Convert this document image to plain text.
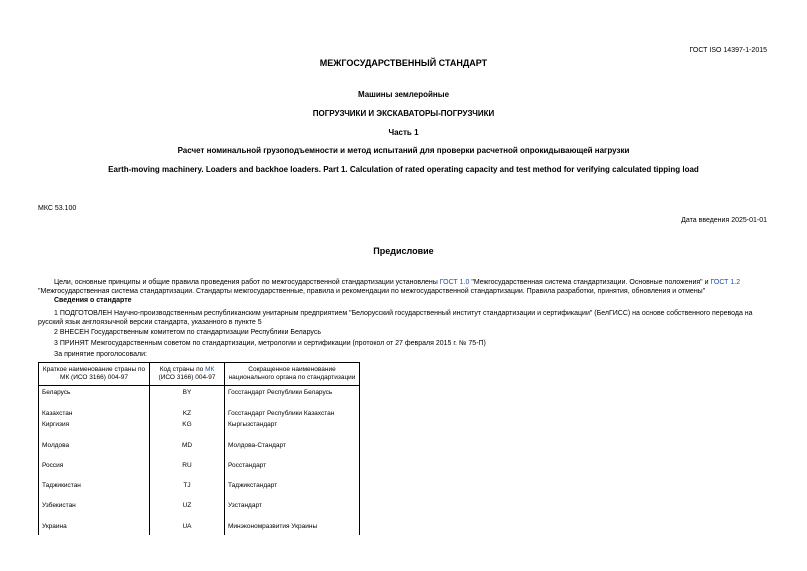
ГОСТ ISO 14397-1-2015
МЕЖГОСУДАРСТВЕННЫЙ СТАНДАРТ
Машины землеройные
ПОГРУЗЧИКИ И ЭКСКАВАТОРЫ-ПОГРУЗЧИКИ
Часть 1
Расчет номинальной грузоподъемности и метод испытаний для проверки расчетной опрокидывающей нагрузки
Earth-moving machinery. Loaders and backhoe loaders. Part 1. Calculation of rated operating capacity and test method for verifying calculated tipping load
МКС 53.100
Дата введения 2025-01-01
Предисловие
Цели, основные принципы и общие правила проведения работ по межгосударственной стандартизации установлены ГОСТ 1.0 "Межгосударственная система стандартизации. Основные положения" и ГОСТ 1.2 "Межгосударственная система стандартизации. Стандарты межгосударственные, правила и рекомендации по межгосударственной стандартизации. Правила разработки, принятия, обновления и отмены"
Сведения о стандарте
1 ПОДГОТОВЛЕН Научно-производственным республиканским унитарным предприятием "Белорусский государственный институт стандартизации и сертификации" (БелГИСС) на основе собственного перевода на русский язык англоязычной версии стандарта, указанного в пункте 5
2 ВНЕСЕН Государственным комитетом по стандартизации Республики Беларусь
3 ПРИНЯТ Межгосударственным советом по стандартизации, метрологии и сертификации (протокол от 27 февраля 2015 г. № 75-П)
За принятие проголосовали:
Краткое наименование страны по МК (ИСО 3166) 004-97	Код страны по МК (ИСО 3166) 004-97	Сокращенное наименование национального органа по стандартизации
Беларусь	BY	Госстандарт Республики Беларусь
Казахстан	KZ	Госстандарт Республики Казахстан
Киргизия	KG	Кыргызстандарт
Молдова	MD	Молдова-Стандарт
Россия	RU	Росстандарт
Таджикистан	TJ	Таджикстандарт
Узбекистан	UZ	Узстандарт
Украина	UA	Минэкономразвития Украины
